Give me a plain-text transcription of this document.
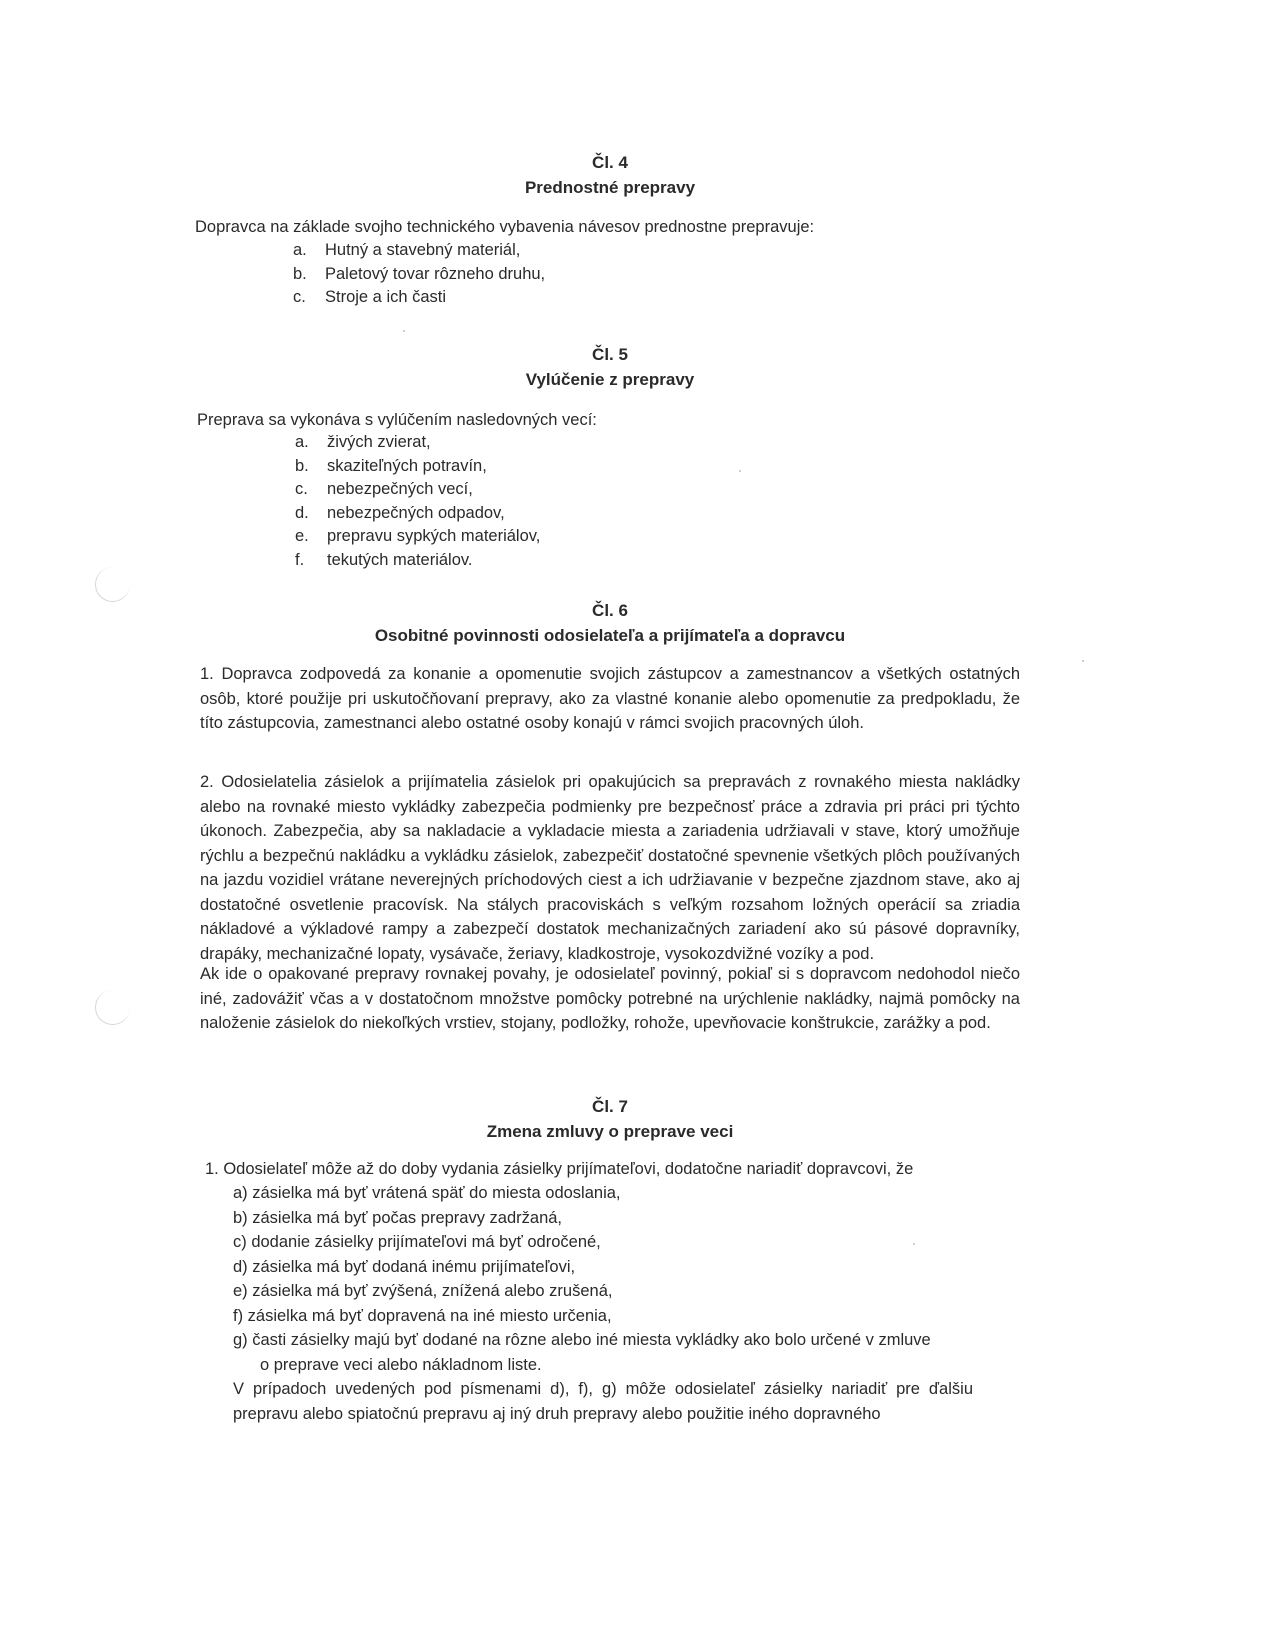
Čl. 4
Prednostné prepravy

Dopravca na základe svojho technického vybavenia návesov prednostne prepravuje:

a.	Hutný a stavebný materiál,
b.	Paletový tovar rôzneho druhu,
c.	Stroje a ich časti
Čl. 5
Vylúčenie z prepravy

Preprava sa vykonáva s vylúčením nasledovných vecí:

a.	živých zvierat,
b.	skaziteľných potravín,
c.	nebezpečných vecí,
d.	nebezpečných odpadov,
e.	prepravu sypkých materiálov,
f.	tekutých materiálov.
Čl. 6
Osobitné povinnosti odosielateľa a prijímateľa a dopravcu

1. Dopravca zodpovedá za konanie a opomenutie svojich zástupcov a zamestnancov a všetkých ostatných osôb, ktoré použije pri uskutočňovaní prepravy, ako za vlastné konanie alebo opomenutie za predpokladu, že títo zástupcovia, zamestnanci alebo ostatné osoby konajú v rámci svojich pracovných úloh.

2. Odosielatelia zásielok a prijímatelia zásielok pri opakujúcich sa prepravách z rovnakého miesta nakládky alebo na rovnaké miesto vykládky zabezpečia podmienky pre bezpečnosť práce a zdravia pri práci pri týchto úkonoch. Zabezpečia, aby sa nakladacie a vykladacie miesta a zariadenia udržiavali v stave, ktorý umožňuje rýchlu a bezpečnú nakládku a vykládku zásielok, zabezpečiť dostatočné spevnenie všetkých plôch používaných na jazdu vozidiel vrátane neverejných príchodových ciest a ich udržiavanie v bezpečne zjazdnom stave, ako aj dostatočné osvetlenie pracovísk. Na stálych pracoviskách s veľkým rozsahom ložných operácií sa zriadia nákladové a výkladové rampy a zabezpečí dostatok mechanizačných zariadení ako sú pásové dopravníky, drapáky, mechanizačné lopaty, vysávače, žeriavy, kladkostroje, vysokozdvižné vozíky a pod.

Ak ide o opakované prepravy rovnakej povahy, je odosielateľ povinný, pokiaľ si s dopravcom nedohodol niečo iné, zadovážiť včas a v dostatočnom množstve pomôcky potrebné na urýchlenie nakládky, najmä pomôcky na naloženie zásielok do niekoľkých vrstiev, stojany, podložky, rohože, upevňovacie konštrukcie, zarážky a pod.

Čl. 7
Zmena zmluvy o preprave veci

1. Odosielateľ môže až do doby vydania zásielky prijímateľovi, dodatočne nariadiť dopravcovi, že

a) zásielka má byť vrátená späť do miesta odoslania,

b) zásielka má byť počas prepravy zadržaná,

c) dodanie zásielky prijímateľovi má byť odročené,

d) zásielka má byť dodaná inému prijímateľovi,

e) zásielka má byť zvýšená, znížená alebo zrušená,

f) zásielka má byť dopravená na iné miesto určenia,

g) časti zásielky majú byť dodané na rôzne alebo iné miesta vykládky ako bolo určené v zmluve

o preprave veci alebo nákladnom liste.

V prípadoch uvedených pod písmenami d), f), g) môže odosielateľ zásielky nariadiť pre ďalšiu prepravu alebo spiatočnú prepravu aj iný druh prepravy alebo použitie iného dopravného
